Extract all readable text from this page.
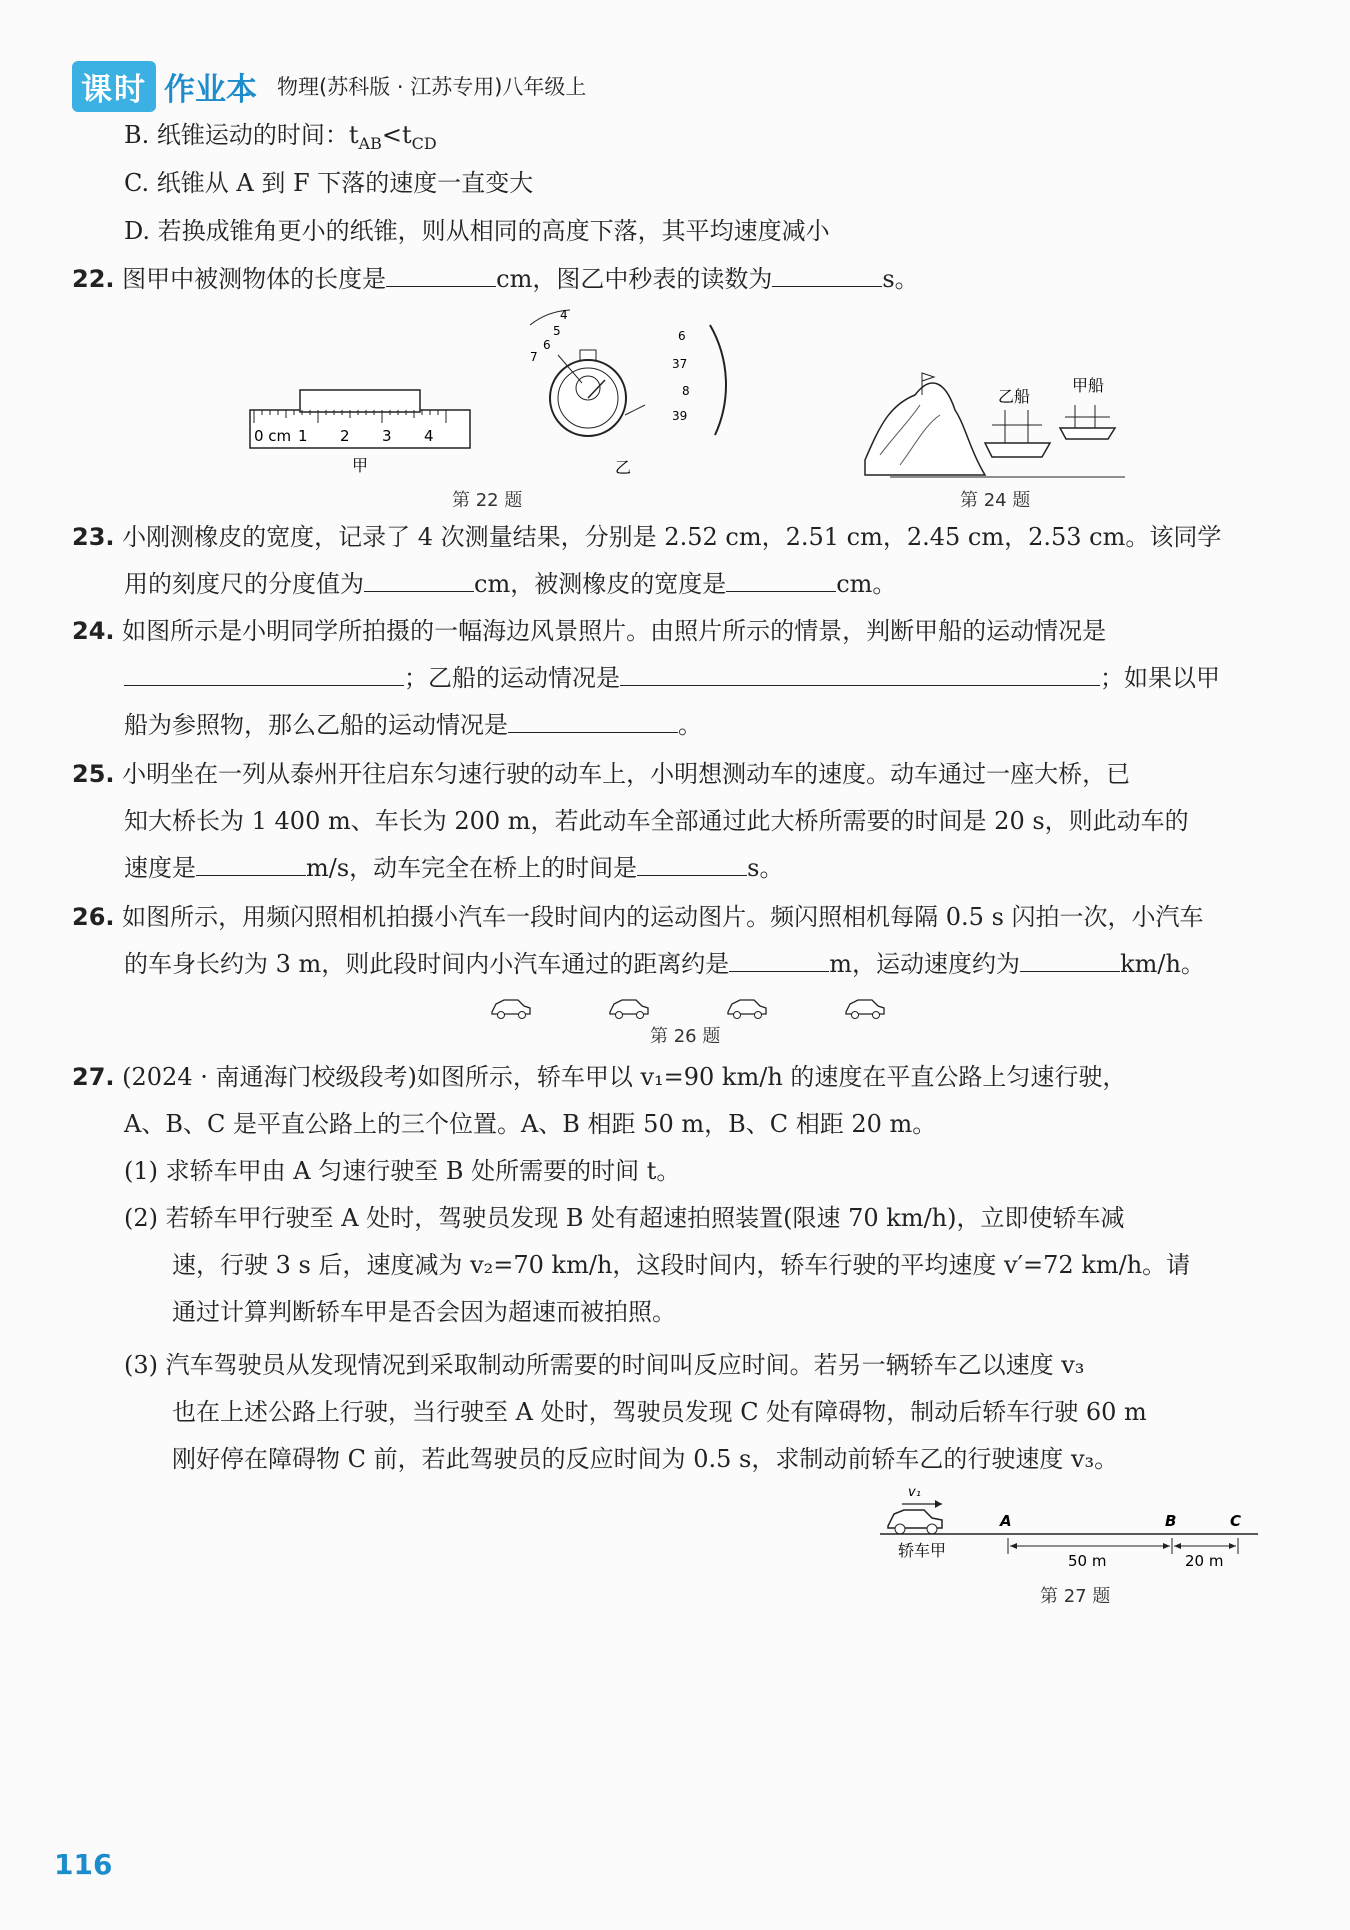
课时 作业本 物理(苏科版 · 江苏专用)八年级上
B. 纸锥运动的时间：$t_{AB}<t_{CD}$
C. 纸锥从 A 到 F 下落的速度一直变大
D. 若换成锥角更小的纸锥，则从相同的高度下落，其平均速度减小
22. 图甲中被测物体的长度是	cm，图乙中秒表的读数为	s。
0 cm 1 2 3 4
甲
4
5
6
7
6
37
8
39
乙
第 22 题
乙船
甲船
第 24 题
23. 小刚测橡皮的宽度，记录了 4 次测量结果，分别是 2.52 cm，2.51 cm，2.45 cm，2.53 cm。该同学
用的刻度尺的分度值为	cm，被测橡皮的宽度是	cm。
24. 如图所示是小明同学所拍摄的一幅海边风景照片。由照片所示的情景，判断甲船的运动情况是
；乙船的运动情况是	；如果以甲
船为参照物，那么乙船的运动情况是	。
25. 小明坐在一列从泰州开往启东匀速行驶的动车上，小明想测动车的速度。动车通过一座大桥，已
知大桥长为 1 400 m、车长为 200 m，若此动车全部通过此大桥所需要的时间是 20 s，则此动车的
速度是	m/s，动车完全在桥上的时间是	s。
26. 如图所示，用频闪照相机拍摄小汽车一段时间内的运动图片。频闪照相机每隔 0.5 s 闪拍一次，小汽车
的车身长约为 3 m，则此段时间内小汽车通过的距离约是	m，运动速度约为	km/h。
第 26 题
27. (2024 · 南通海门校级段考)如图所示，轿车甲以 v₁=90 km/h 的速度在平直公路上匀速行驶，
A、B、C 是平直公路上的三个位置。A、B 相距 50 m，B、C 相距 20 m。
(1) 求轿车甲由 A 匀速行驶至 B 处所需要的时间 t。
(2) 若轿车甲行驶至 A 处时，驾驶员发现 B 处有超速拍照装置(限速 70 km/h)，立即使轿车减
速，行驶 3 s 后，速度减为 v₂=70 km/h，这段时间内，轿车行驶的平均速度 v′=72 km/h。请
通过计算判断轿车甲是否会因为超速而被拍照。
(3) 汽车驾驶员从发现情况到采取制动所需要的时间叫反应时间。若另一辆轿车乙以速度 v₃
也在上述公路上行驶，当行驶至 A 处时，驾驶员发现 C 处有障碍物，制动后轿车行驶 60 m
刚好停在障碍物 C 前，若此驾驶员的反应时间为 0.5 s，求制动前轿车乙的行驶速度 v₃。
v₁
轿车甲
A	B	C
50 m	20 m
第 27 题
116
